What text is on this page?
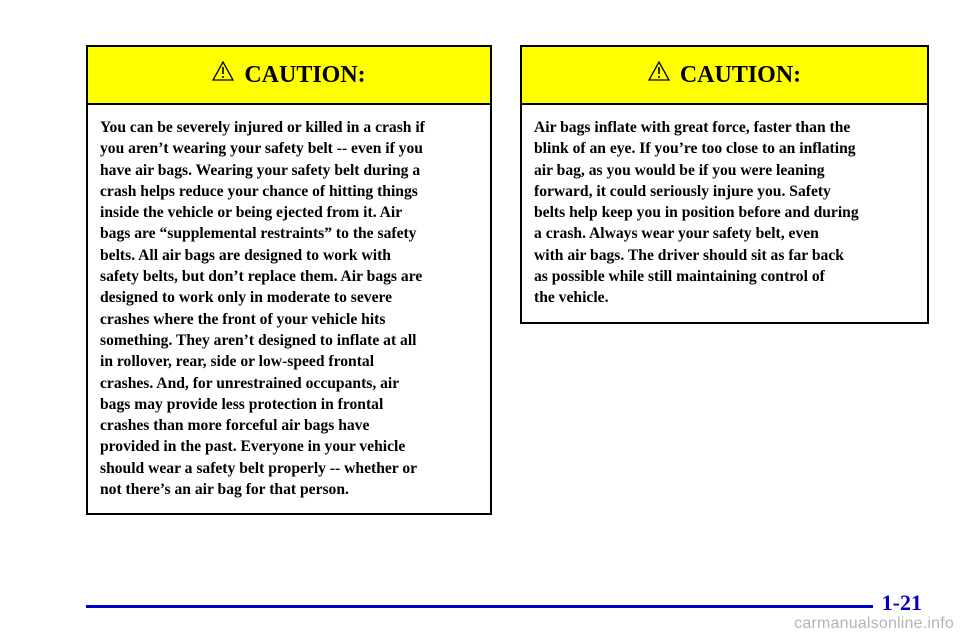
CAUTION:
You can be severely injured or killed in a crash if
you aren’t wearing your safety belt -- even if you
have air bags. Wearing your safety belt during a
crash helps reduce your chance of hitting things
inside the vehicle or being ejected from it. Air
bags are “supplemental restraints” to the safety
belts. All air bags are designed to work with
safety belts, but don’t replace them. Air bags are
designed to work only in moderate to severe
crashes where the front of your vehicle hits
something. They aren’t designed to inflate at all
in rollover, rear, side or low-speed frontal
crashes. And, for unrestrained occupants, air
bags may provide less protection in frontal
crashes than more forceful air bags have
provided in the past. Everyone in your vehicle
should wear a safety belt properly -- whether or
not there’s an air bag for that person.
CAUTION:
Air bags inflate with great force, faster than the
blink of an eye. If you’re too close to an inflating
air bag, as you would be if you were leaning
forward, it could seriously injure you. Safety
belts help keep you in position before and during
a crash. Always wear your safety belt, even
with air bags. The driver should sit as far back
as possible while still maintaining control of
the vehicle.
1-21
carmanualsonline.info
